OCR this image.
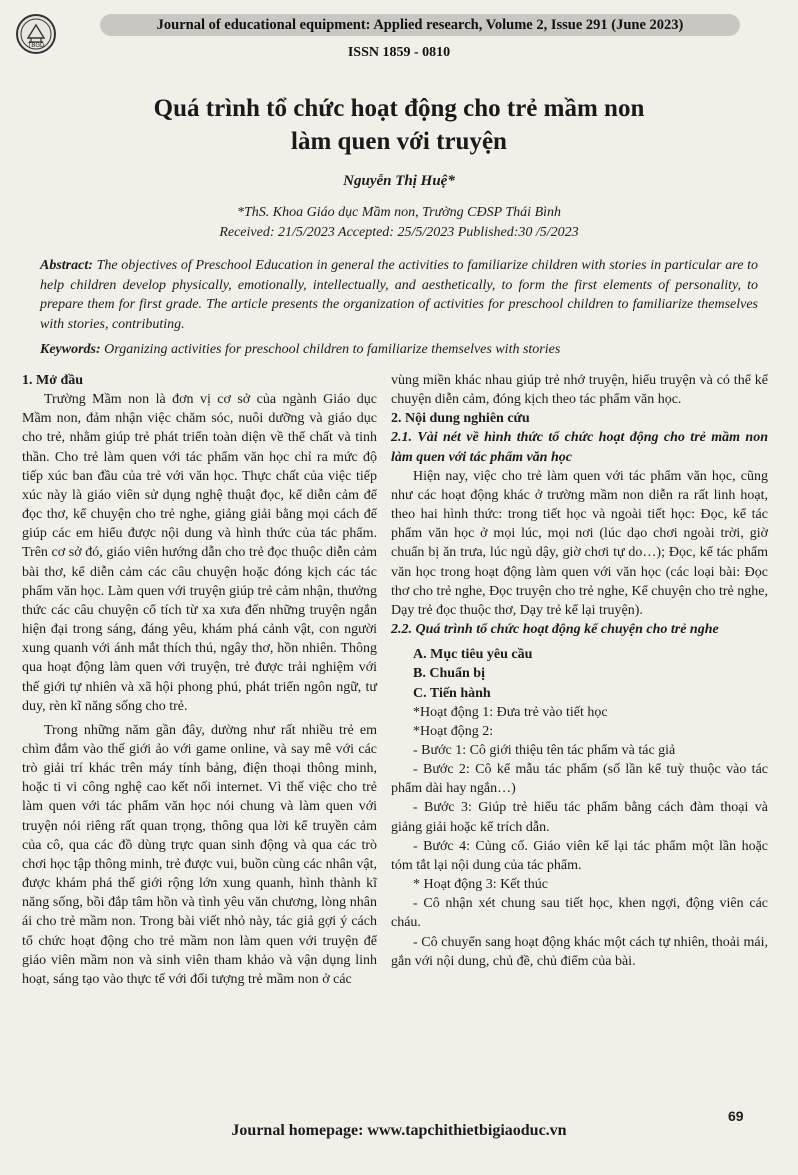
TBGD
Journal of educational equipment: Applied research, Volume 2, Issue 291 (June 2023)
ISSN 1859 - 0810
Quá trình tổ chức hoạt động cho trẻ mầm non
làm quen với truyện
Nguyễn Thị Huệ*
*ThS. Khoa Giáo dục Mầm non, Trường CĐSP Thái Bình
Received: 21/5/2023 Accepted: 25/5/2023 Published:30 /5/2023
Abstract: The objectives of Preschool Education in general the activities to familiarize children with stories in particular are to help children develop physically, emotionally, intellectually, and aesthetically, to form the first elements of personality, to prepare them for first grade. The article presents the organization of activities for preschool children to familiarize themselves with stories, contributing.
Keywords: Organizing activities for preschool children to familiarize themselves with stories

1. Mở đầu

Trường Mầm non là đơn vị cơ sở của ngành Giáo dục Mầm non, đảm nhận việc chăm sóc, nuôi dưỡng và giáo dục cho trẻ, nhằm giúp trẻ phát triển toàn diện về thể chất và tinh thần. Cho trẻ làm quen với tác phẩm văn học chỉ ra mức độ tiếp xúc ban đầu của trẻ với văn học. Thực chất của việc tiếp xúc này là giáo viên sử dụng nghệ thuật đọc, kể diễn cảm để đọc thơ, kể chuyện cho trẻ nghe, giảng giải bằng mọi cách để giúp các em hiểu được nội dung và hình thức của tác phẩm. Trên cơ sở đó, giáo viên hướng dẫn cho trẻ đọc thuộc diễn cảm bài thơ, kể diễn cảm các câu chuyện hoặc đóng kịch các tác phẩm văn học. Làm quen với truyện giúp trẻ cảm nhận, thưởng thức các câu chuyện cổ tích từ xa xưa đến những truyện ngắn hiện đại trong sáng, đáng yêu, khám phá cảnh vật, con người xung quanh với ánh mắt thích thú, ngây thơ, hồn nhiên. Thông qua hoạt động làm quen với truyện, trẻ được trải nghiệm với thế giới tự nhiên và xã hội phong phú, phát triển ngôn ngữ, tư duy, rèn kĩ năng sống cho trẻ.

Trong những năm gần đây, dường như rất nhiều trẻ em chìm đắm vào thế giới ảo với game online, và say mê với các trò giải trí khác trên máy tính bảng, điện thoại thông minh, hoặc ti vi công nghệ cao kết nối internet. Vì thế việc cho trẻ làm quen với tác phẩm văn học nói chung và làm quen với truyện nói riêng rất quan trọng, thông qua lời kể truyền cảm của cô, qua các đồ dùng trực quan sinh động và qua các trò chơi học tập thông minh, trẻ được vui, buồn cùng các nhân vật, được khám phá thế giới rộng lớn xung quanh, hình thành kĩ năng sống, bồi đắp tâm hồn và tình yêu văn chương, lòng nhân ái cho trẻ mầm non. Trong bài viết nhỏ này, tác giả gợi ý cách tổ chức hoạt động cho trẻ mầm non làm quen với truyện để giáo viên mầm non và sinh viên tham khảo và vận dụng linh hoạt, sáng tạo vào thực tế với đối tượng trẻ mầm non ở các

vùng miền khác nhau giúp trẻ nhớ truyện, hiểu truyện và có thể kể chuyện diễn cảm, đóng kịch theo tác phẩm văn học.

2. Nội dung nghiên cứu

2.1. Vài nét về hình thức tổ chức hoạt động cho trẻ mầm non làm quen với tác phẩm văn học

Hiện nay, việc cho trẻ làm quen với tác phẩm văn học, cũng như các hoạt động khác ở trường mầm non diễn ra rất linh hoạt, theo hai hình thức: trong tiết học và ngoài tiết học: Đọc, kể tác phẩm văn học ở mọi lúc, mọi nơi (lúc dạo chơi ngoài trời, giờ chuẩn bị ăn trưa, lúc ngủ dậy, giờ chơi tự do…); Đọc, kể tác phẩm văn học trong hoạt động làm quen với văn học (các loại bài: Đọc thơ cho trẻ nghe, Đọc truyện cho trẻ nghe, Kể chuyện cho trẻ nghe, Dạy trẻ đọc thuộc thơ, Dạy trẻ kể lại truyện).

2.2. Quá trình tổ chức hoạt động kể chuyện cho trẻ nghe

A. Mục tiêu yêu cầu

B. Chuẩn bị

C. Tiến hành

*Hoạt động 1: Đưa trẻ vào tiết học

*Hoạt động 2:

- Bước 1: Cô giới thiệu tên tác phẩm và tác giả

- Bước 2: Cô kể mẫu tác phẩm (số lần kể tuỳ thuộc vào tác phẩm dài hay ngắn…)

- Bước 3: Giúp trẻ hiểu tác phẩm bằng cách đàm thoại và giảng giải hoặc kể trích dẫn.

- Bước 4: Củng cố. Giáo viên kể lại tác phẩm một lần hoặc tóm tắt lại nội dung của tác phẩm.

* Hoạt động 3: Kết thúc

- Cô nhận xét chung sau tiết học, khen ngợi, động viên các cháu.

- Cô chuyển sang hoạt động khác một cách tự nhiên, thoải mái, gắn với nội dung, chủ đề, chủ điểm của bài.

69
Journal homepage: www.tapchithietbigiaoduc.vn
